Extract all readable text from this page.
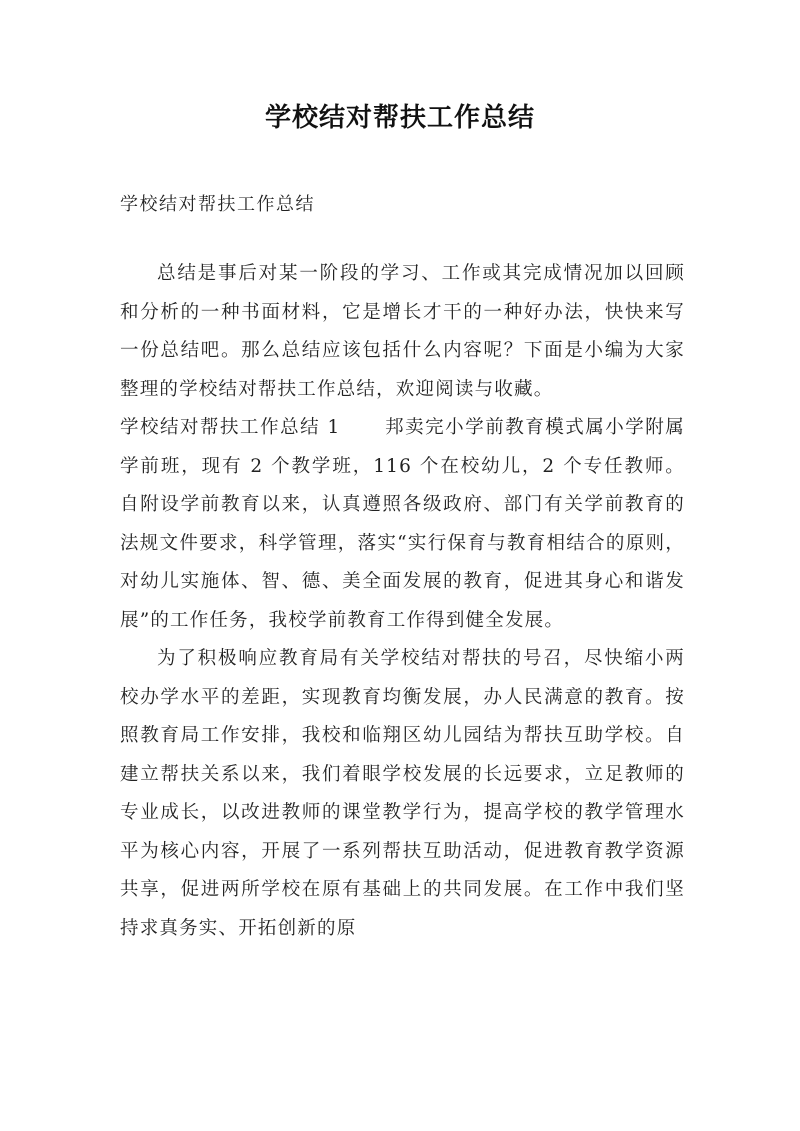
学校结对帮扶工作总结

学校结对帮扶工作总结

总结是事后对某一阶段的学习、工作或其完成情况加以回顾和分析的一种书面材料，它是增长才干的一种好办法，快快来写一份总结吧。那么总结应该包括什么内容呢？下面是小编为大家整理的学校结对帮扶工作总结，欢迎阅读与收藏。

学校结对帮扶工作总结 1 邦卖完小学前教育模式属小学附属学前班，现有 2 个教学班，116 个在校幼儿，2 个专任教师。自附设学前教育以来，认真遵照各级政府、部门有关学前教育的法规文件要求，科学管理，落实“实行保育与教育相结合的原则，对幼儿实施体、智、德、美全面发展的教育，促进其身心和谐发展”的工作任务，我校学前教育工作得到健全发展。

为了积极响应教育局有关学校结对帮扶的号召，尽快缩小两校办学水平的差距，实现教育均衡发展，办人民满意的教育。按照教育局工作安排，我校和临翔区幼儿园结为帮扶互助学校。自建立帮扶关系以来，我们着眼学校发展的长远要求，立足教师的专业成长，以改进教师的课堂教学行为，提高学校的教学管理水平为核心内容，开展了一系列帮扶互助活动，促进教育教学资源共享，促进两所学校在原有基础上的共同发展。在工作中我们坚持求真务实、开拓创新的原
